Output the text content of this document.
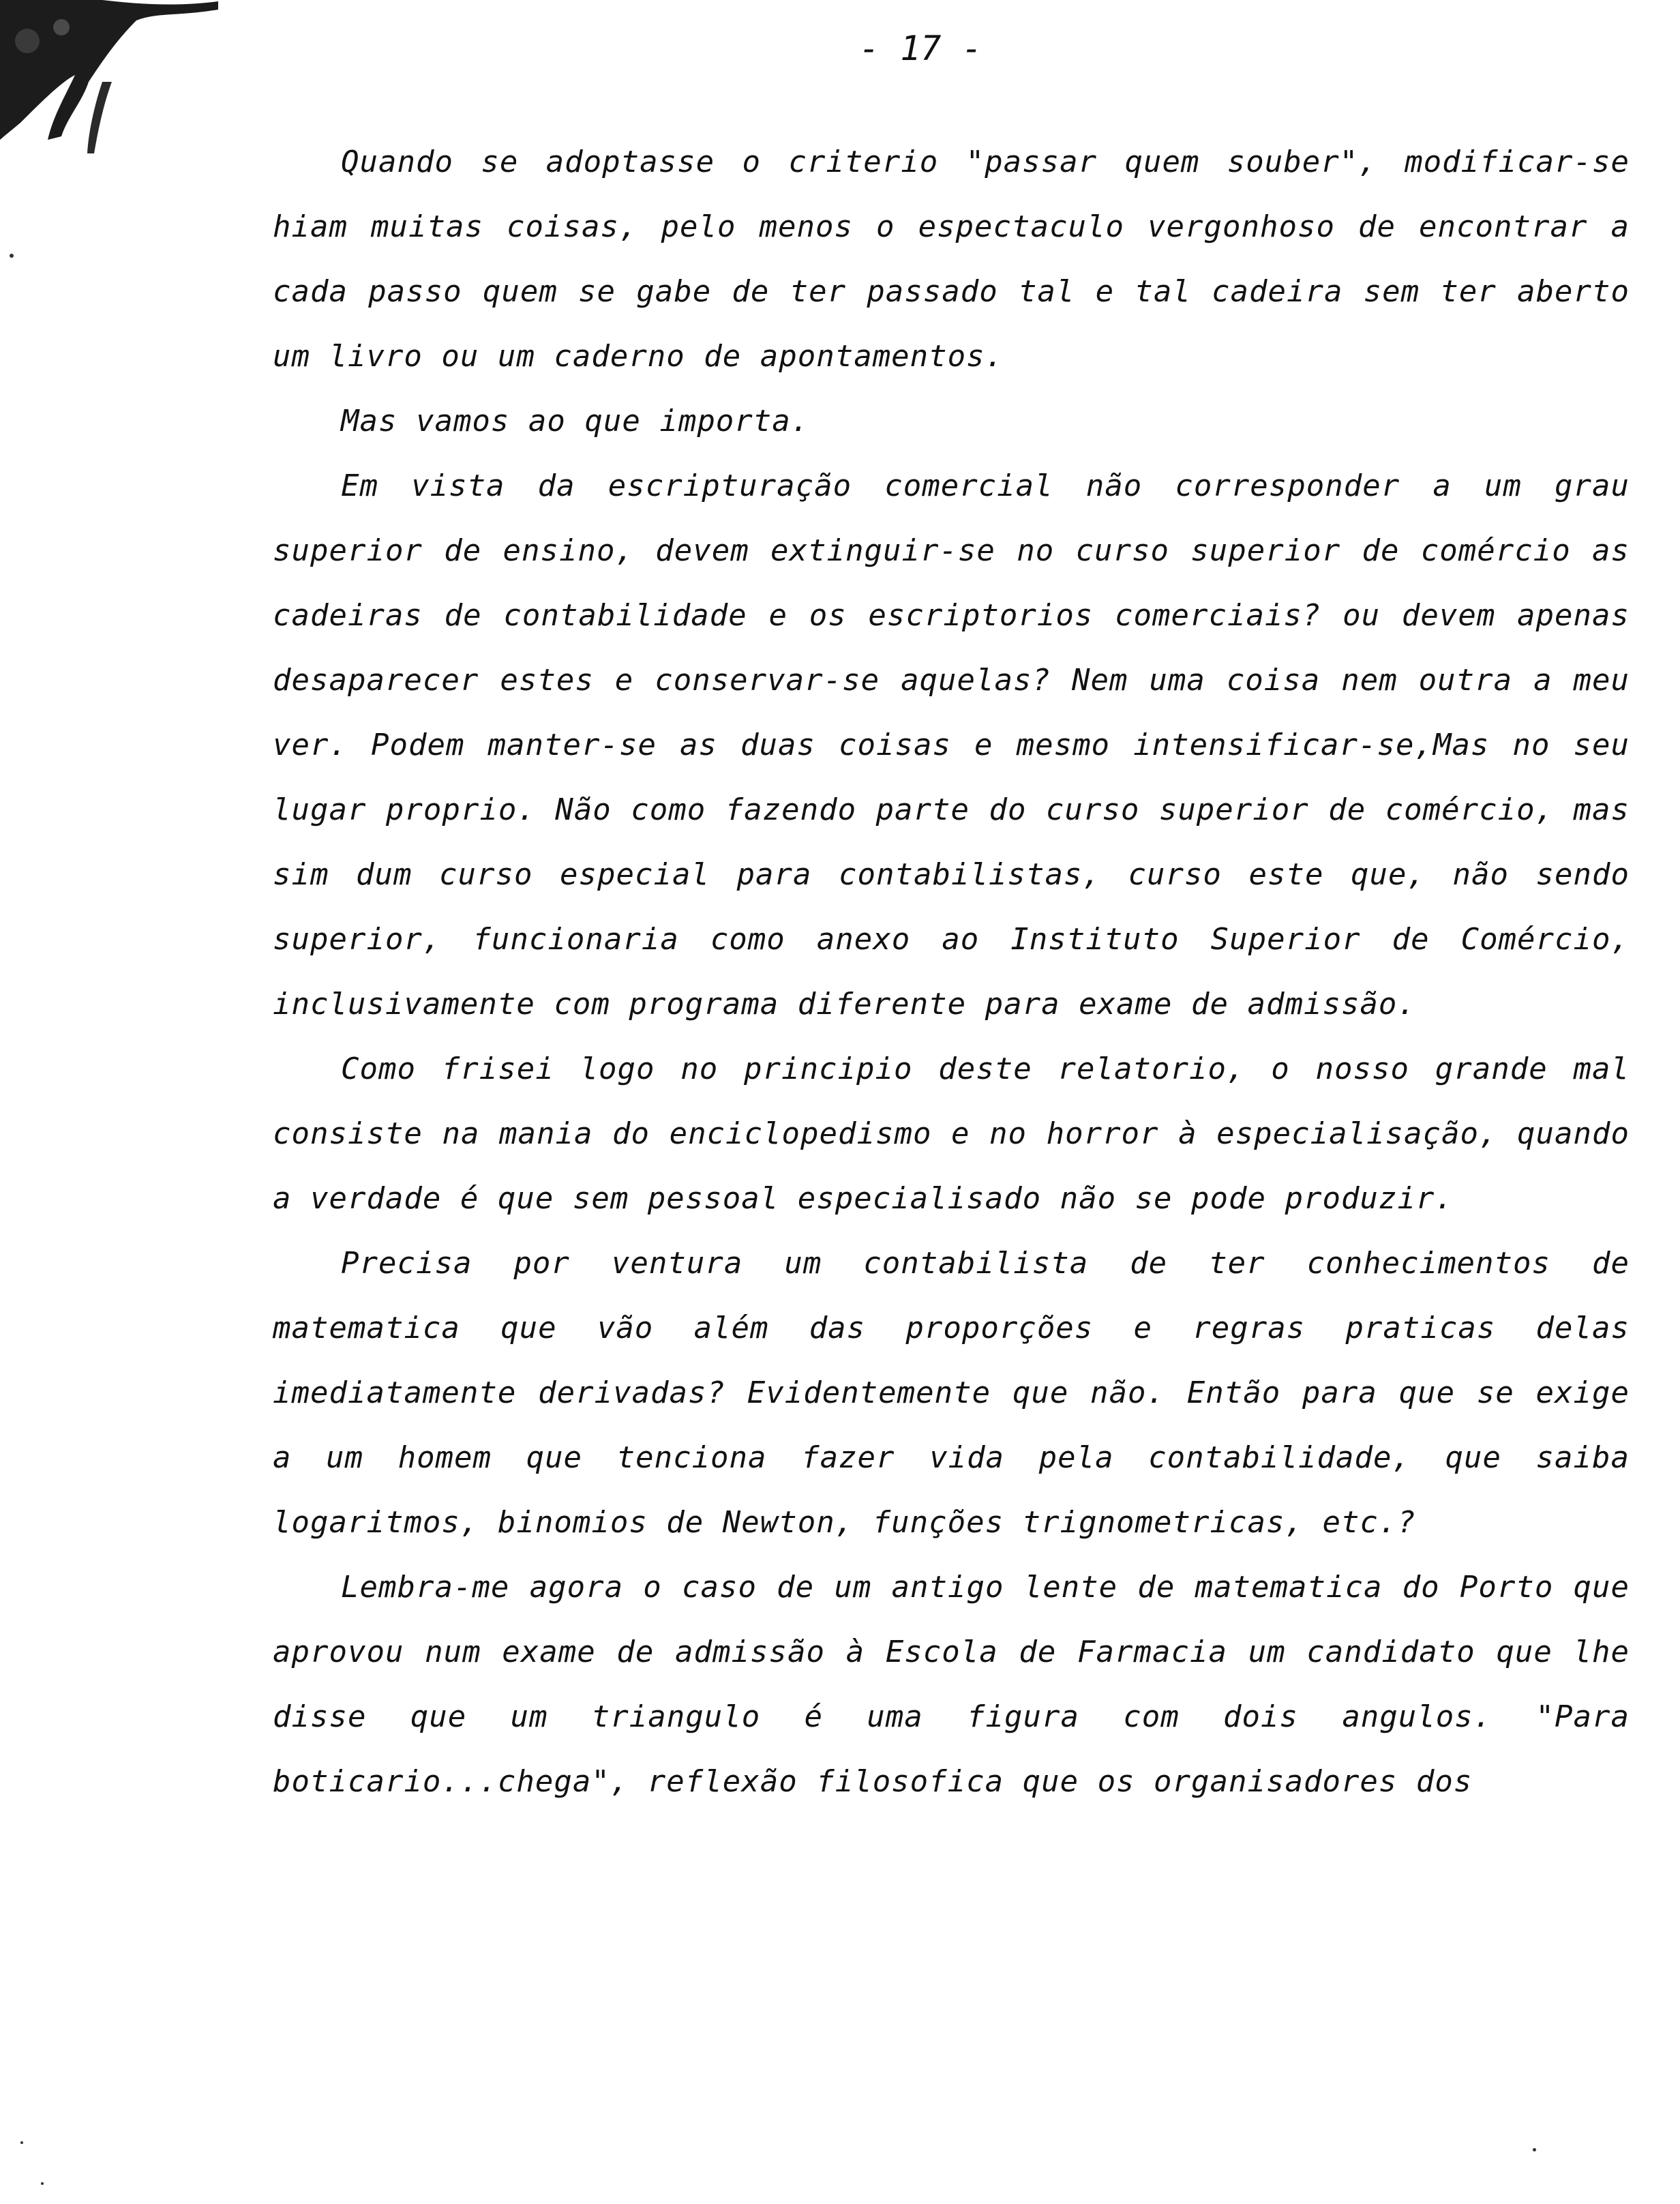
- 17 -

Quando se adoptasse o criterio "passar quem souber", modificar-se hiam muitas coisas, pelo menos o espectaculo vergonhoso de encontrar a cada passo quem se gabe de ter passado tal e tal cadeira sem ter aberto um livro ou um caderno de apontamentos.

Mas vamos ao que importa.

Em vista da escripturação comercial não corresponder a um grau superior de ensino, devem extinguir-se no curso superior de comércio as cadeiras de contabilidade e os escriptorios comerciais? ou devem apenas desaparecer estes e conservar-se aquelas? Nem uma coisa nem outra a meu ver. Podem manter-se as duas coisas e mesmo intensificar-se,Mas no seu lugar proprio. Não como fazendo parte do curso superior de comércio, mas sim dum curso especial para contabilistas, curso este que, não sendo superior, funcionaria como anexo ao Instituto Superior de Comércio, inclusivamente com programa diferente para exame de admissão.

Como frisei logo no principio deste relatorio, o nosso grande mal consiste na mania do enciclopedismo e no horror à especialisação, quando a verdade é que sem pessoal especialisado não se pode produzir.

Precisa por ventura um contabilista de ter conhecimentos de matematica que vão além das proporções e regras praticas delas imediatamente derivadas? Evidentemente que não. Então para que se exige a um homem que tenciona fazer vida pela contabilidade, que saiba logaritmos, binomios de Newton, funções trignometricas, etc.?

Lembra-me agora o caso de um antigo lente de matematica do Porto que aprovou num exame de admissão à Escola de Farmacia um candidato que lhe disse que um triangulo é uma figura com dois angulos. "Para boticario...chega", reflexão filosofica que os organisadores dos
